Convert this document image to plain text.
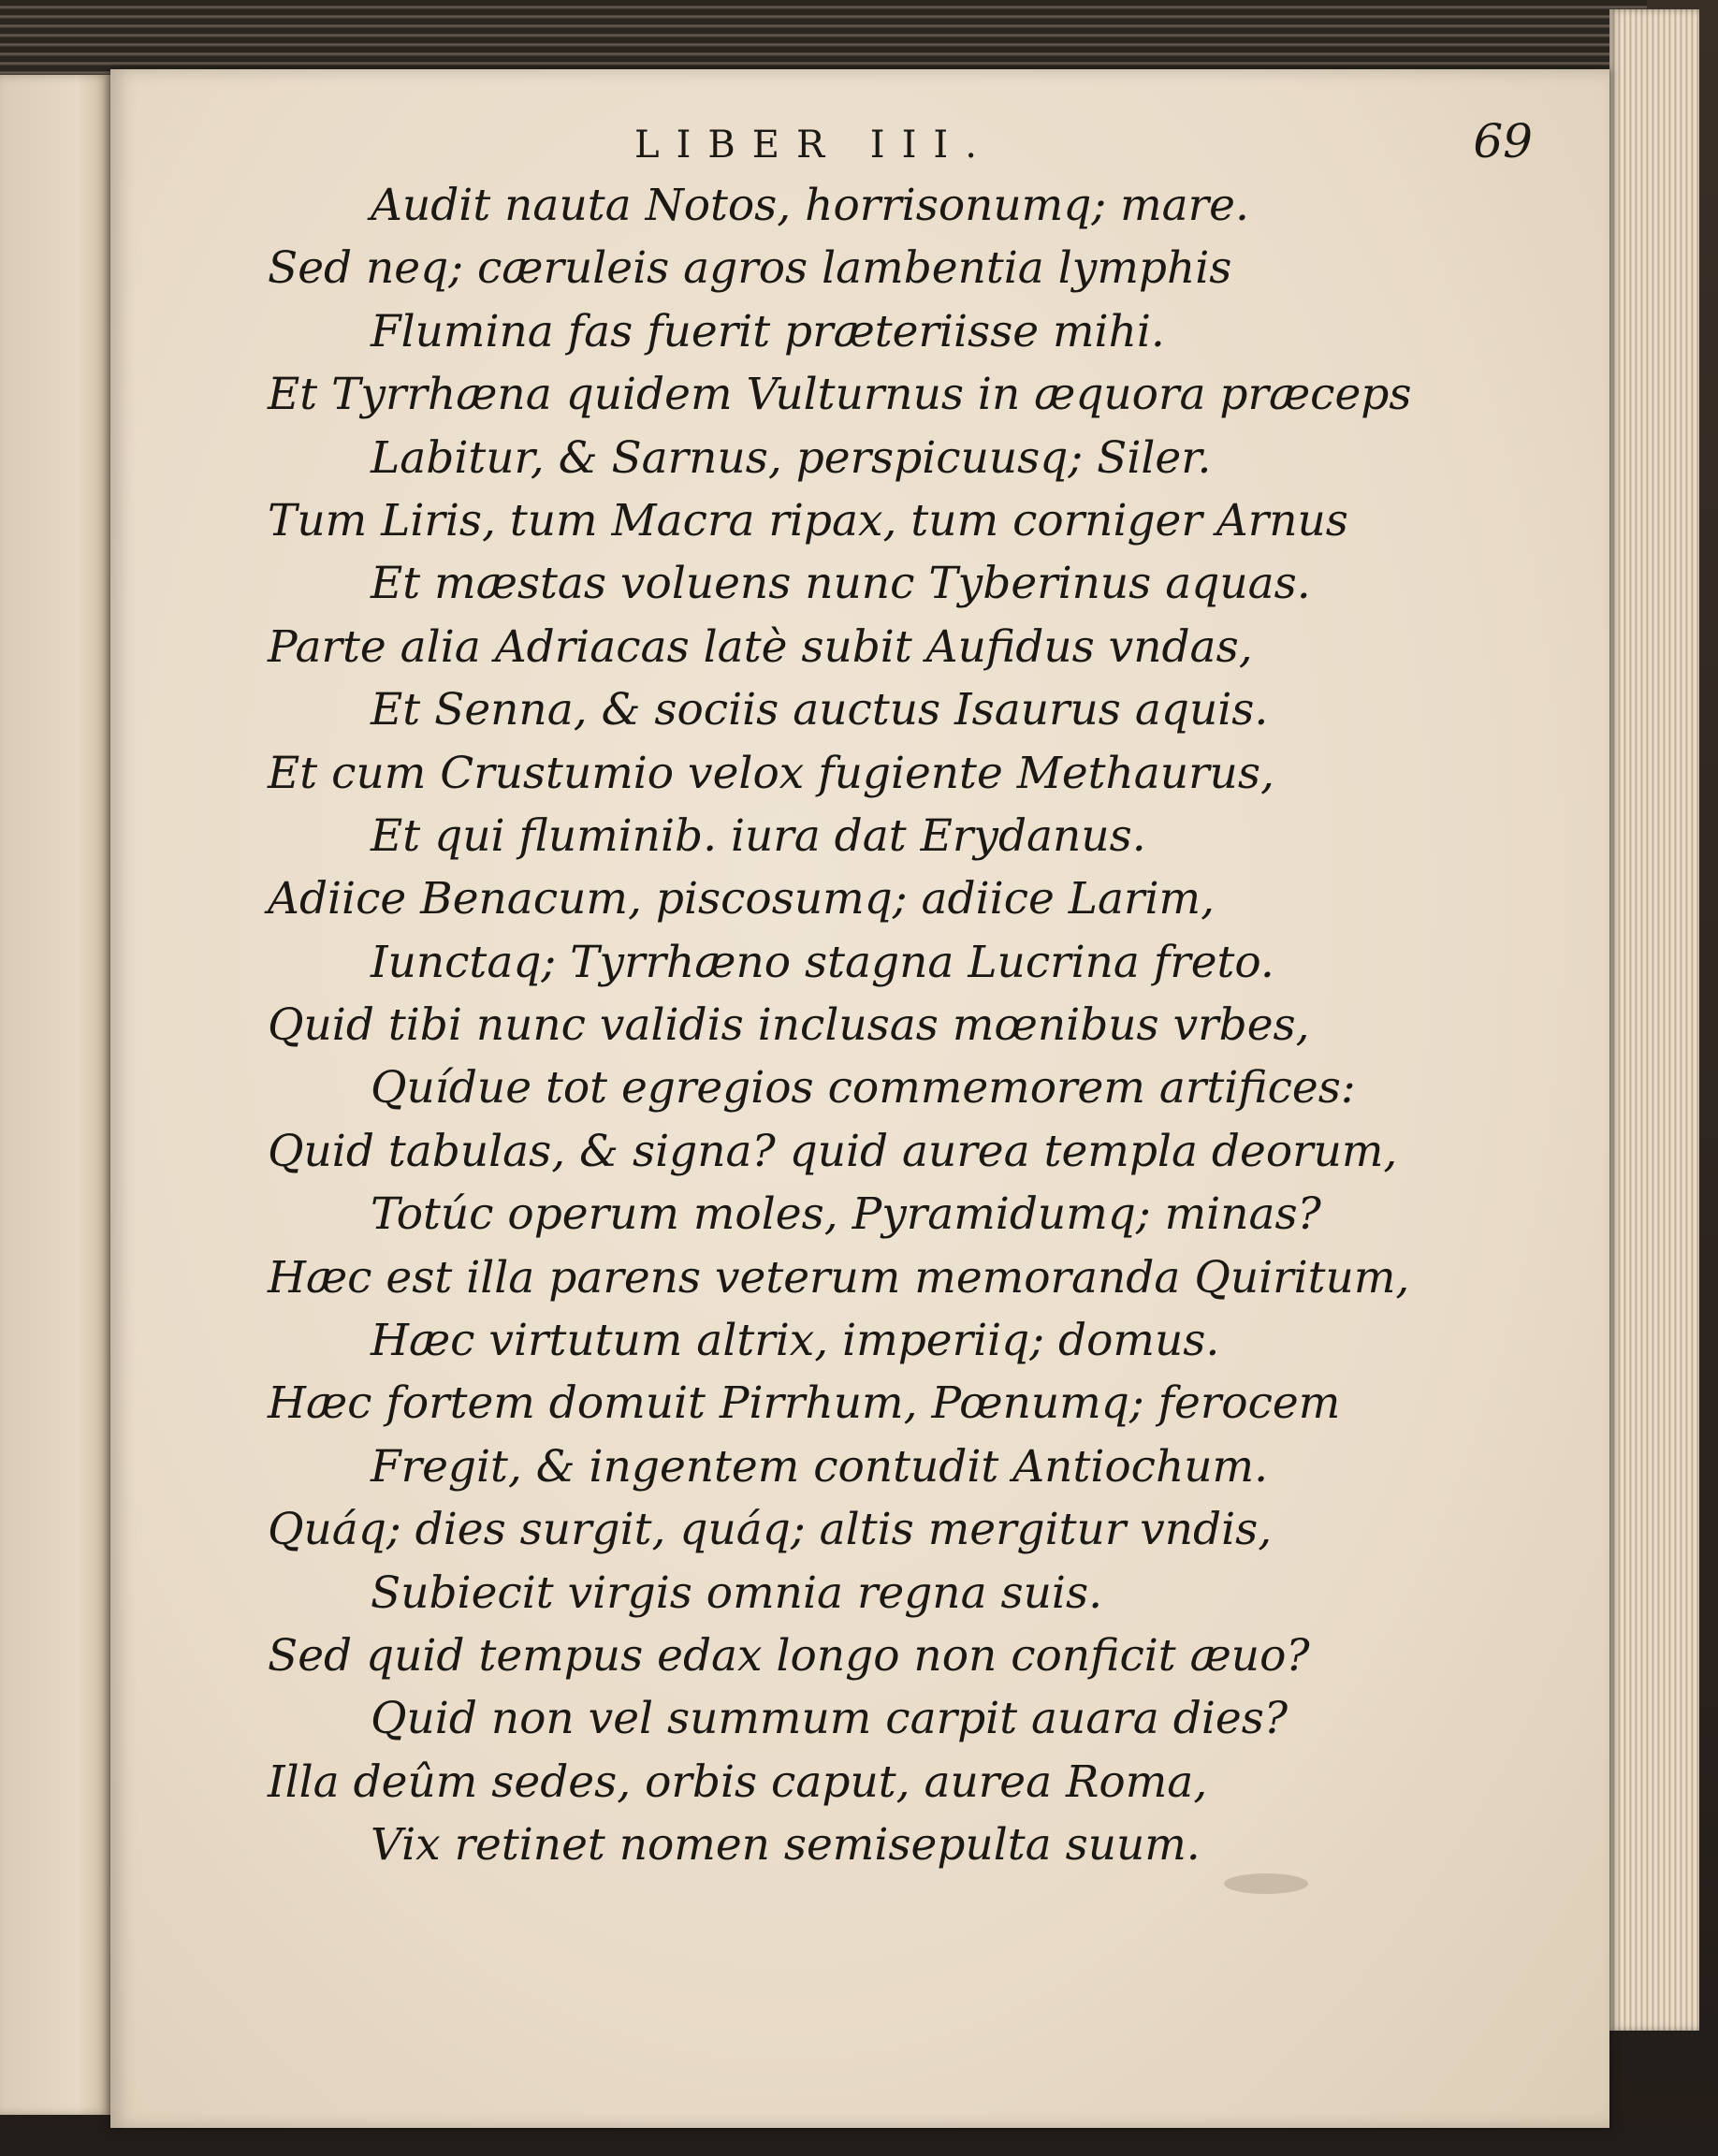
LIBER III.	69
Audit nauta Notos, horrisonumq; mare.
Sed neq; cæruleis agros lambentia lymphis
Flumina fas fuerit prӕteriisse mihi.
Et Tyrrhæna quidem Vulturnus in æquora præceps
Labitur, & Sarnus, perspicuusq; Siler.
Tum Liris, tum Macra ripax, tum corniger Arnus
Et mæstas voluens nunc Tyberinus aquas.
Parte alia Adriacas latè subit Aufidus vndas,
Et Senna, & sociis auctus Isaurus aquis.
Et cum Crustumio velox fugiente Methaurus,
Et qui fluminib. iura dat Erydanus.
Adiice Benacum, piscosumq; adiice Larim,
Iunctaq; Tyrrhæno stagna Lucrina freto.
Quid tibi nunc validis inclusas mœnibus vrbes,
Quídue tot egregios commemorem artifices:
Quid tabulas, & signa? quid aurea templa deorum,
Totúc operum moles, Pyramidumq; minas?
Hæc est illa parens veterum memoranda Quiritum,
Hæc virtutum altrix, imperiiq; domus.
Hæc fortem domuit Pirrhum, Pœnumq; ferocem
Fregit, & ingentem contudit Antiochum.
Quáq; dies surgit, quáq; altis mergitur vndis,
Subiecit virgis omnia regna suis.
Sed quid tempus edax longo non conficit æuo?
Quid non vel summum carpit auara dies?
Illa deûm sedes, orbis caput, aurea Roma,
Vix retinet nomen semisepulta suum.
